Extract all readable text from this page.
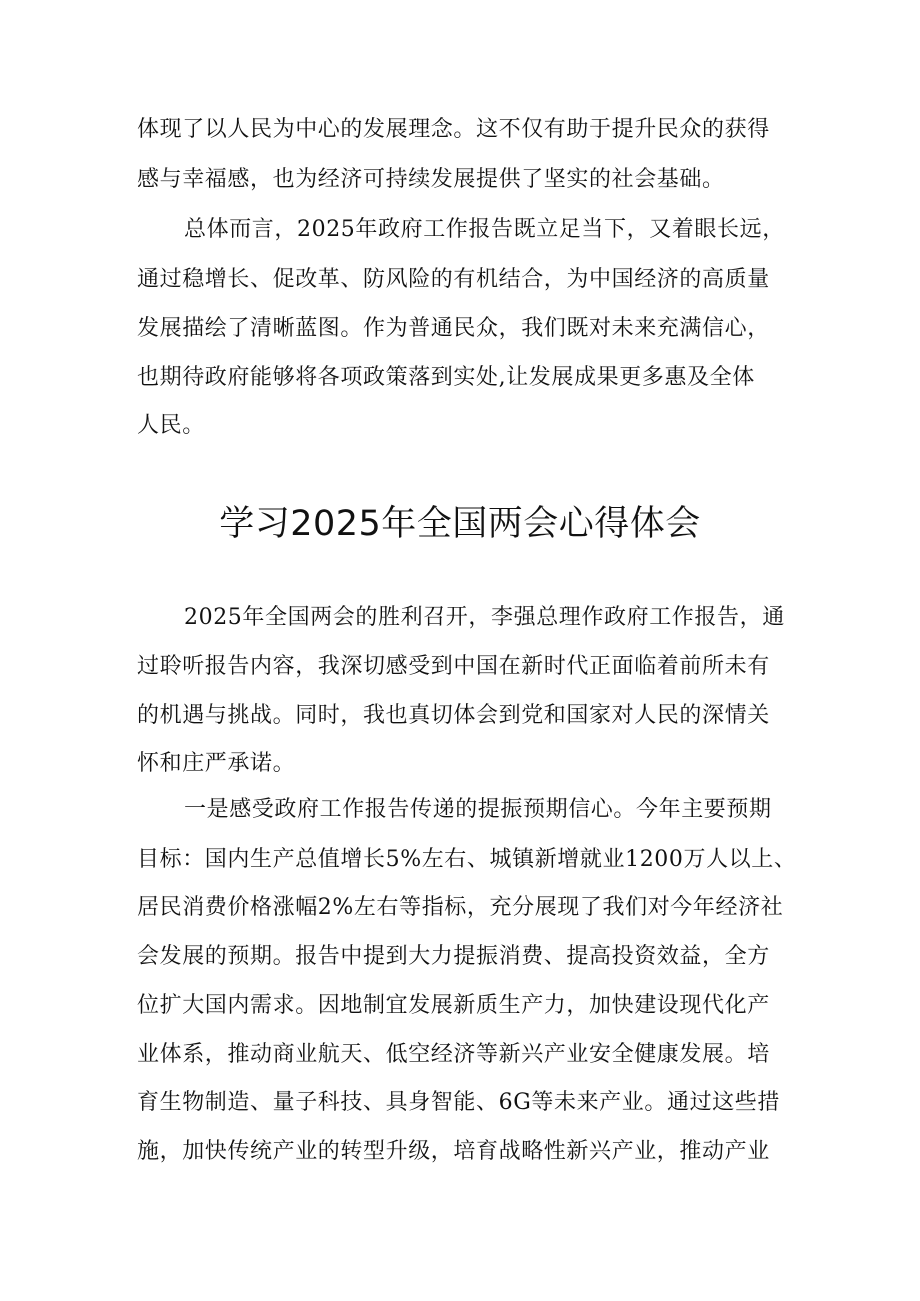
体现了以人民为中心的发展理念。这不仅有助于提升民众的获得
感与幸福感，也为经济可持续发展提供了坚实的社会基础。
总体而言，2025年政府工作报告既立足当下，又着眼长远，
通过稳增长、促改革、防风险的有机结合，为中国经济的高质量
发展描绘了清晰蓝图。作为普通民众，我们既对未来充满信心，
也期待政府能够将各项政策落到实处,让发展成果更多惠及全体
人民。
学习2025年全国两会心得体会
2025年全国两会的胜利召开，李强总理作政府工作报告，通
过聆听报告内容，我深切感受到中国在新时代正面临着前所未有
的机遇与挑战。同时，我也真切体会到党和国家对人民的深情关
怀和庄严承诺。
一是感受政府工作报告传递的提振预期信心。今年主要预期
目标：国内生产总值增长5%左右、城镇新增就业1200万人以上、
居民消费价格涨幅2%左右等指标，充分展现了我们对今年经济社
会发展的预期。报告中提到大力提振消费、提高投资效益，全方
位扩大国内需求。因地制宜发展新质生产力，加快建设现代化产
业体系，推动商业航天、低空经济等新兴产业安全健康发展。培
育生物制造、量子科技、具身智能、6G等未来产业。通过这些措
施，加快传统产业的转型升级，培育战略性新兴产业，推动产业
